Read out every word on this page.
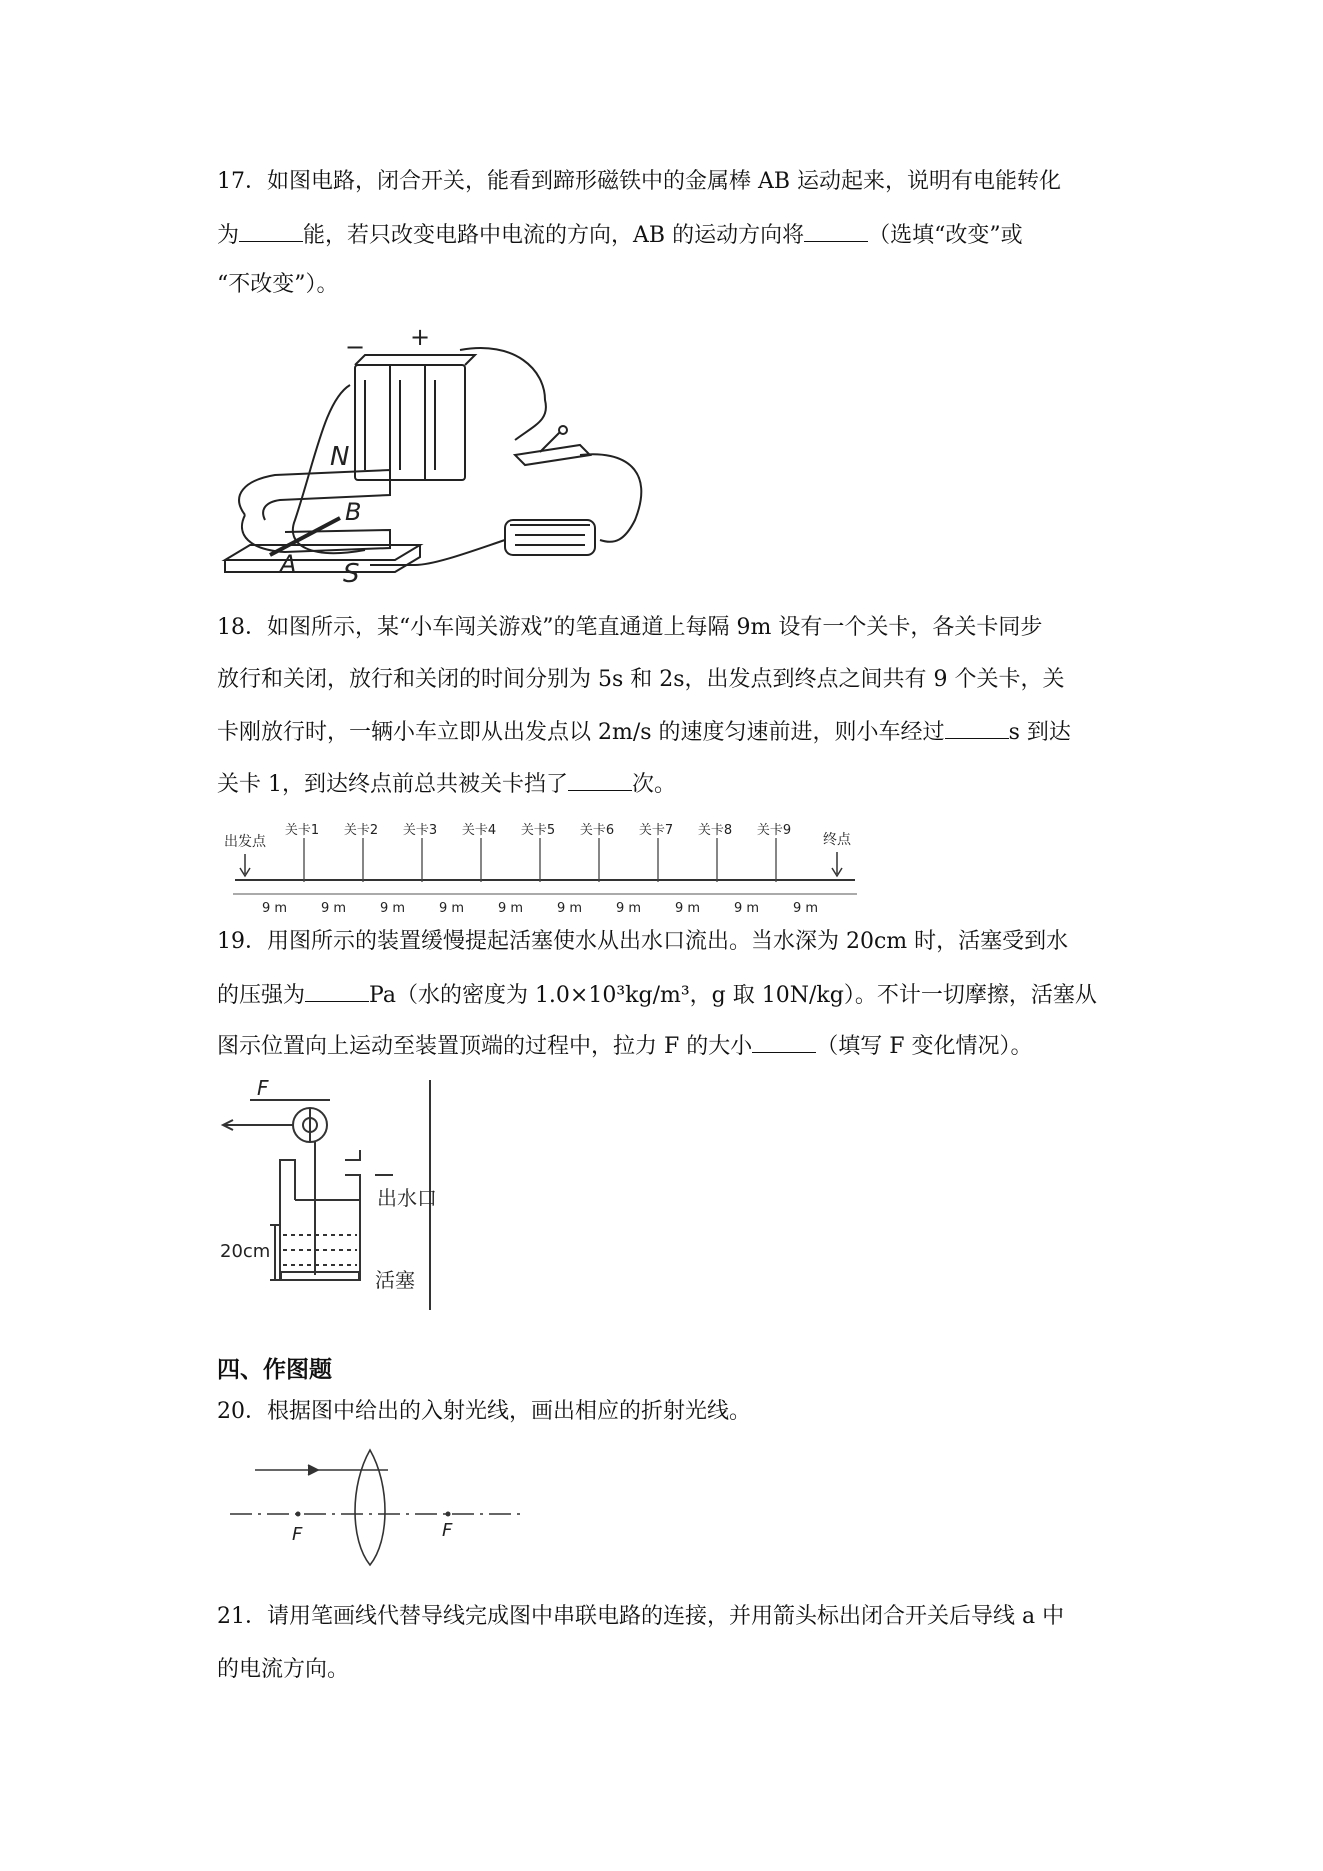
17．如图电路，闭合开关，能看到蹄形磁铁中的金属棒 AB 运动起来，说明有电能转化
为	能，若只改变电路中电流的方向，AB 的运动方向将	（选填“改变”或
“不改变”）。
+
−
N
B
A S
18．如图所示，某“小车闯关游戏”的笔直通道上每隔 9m 设有一个关卡，各关卡同步
放行和关闭，放行和关闭的时间分别为 5s 和 2s，出发点到终点之间共有 9 个关卡，关
卡刚放行时，一辆小车立即从出发点以 2m/s 的速度匀速前进，则小车经过	s 到达
关卡 1，到达终点前总共被关卡挡了	次。
出发点	终点
关卡1 关卡2 关卡3 关卡4 关卡5 关卡6 关卡7 关卡8 关卡9
9 m	9 m	9 m	9 m	9 m	9 m	9 m	9 m	9 m	9 m
19．用图所示的装置缓慢提起活塞使水从出水口流出。当水深为 20cm 时，活塞受到水
的压强为	Pa（水的密度为 1.0×10³kg/m³，g 取 10N/kg）。不计一切摩擦，活塞从
图示位置向上运动至装置顶端的过程中，拉力 F 的大小	（填写 F 变化情况）。
F
出水口
20cm
活塞
四、作图题
20．根据图中给出的入射光线，画出相应的折射光线。
F	F
21．请用笔画线代替导线完成图中串联电路的连接，并用箭头标出闭合开关后导线 a 中
的电流方向。
